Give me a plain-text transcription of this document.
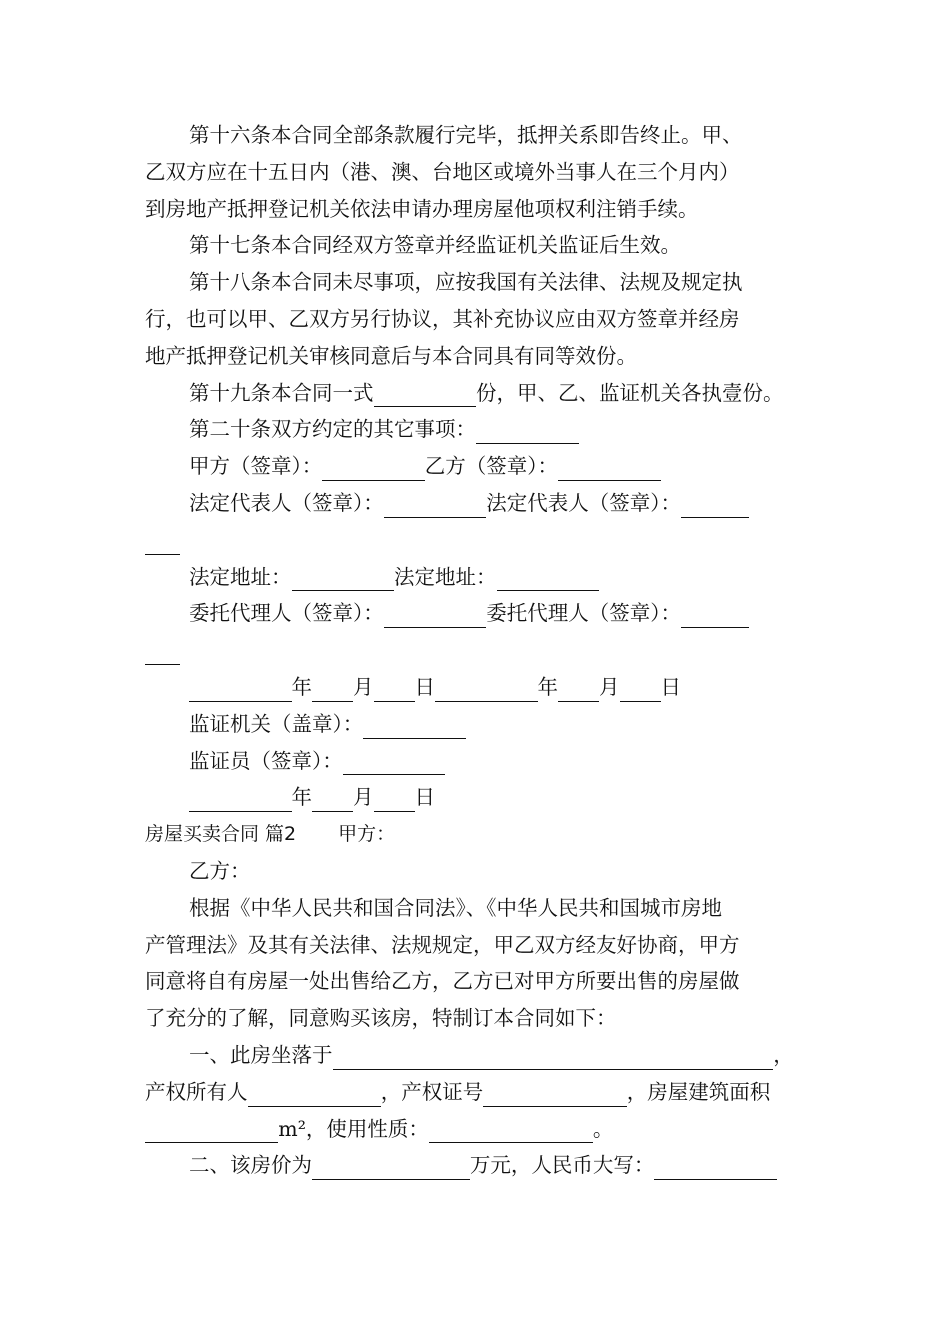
第十六条本合同全部条款履行完毕，抵押关系即告终止。甲、
乙双方应在十五日内（港、澳、台地区或境外当事人在三个月内）
到房地产抵押登记机关依法申请办理房屋他项权利注销手续。
第十七条本合同经双方签章并经监证机关监证后生效。
第十八条本合同未尽事项，应按我国有关法律、法规及规定执
行，也可以甲、乙双方另行协议，其补充协议应由双方签章并经房
地产抵押登记机关审核同意后与本合同具有同等效份。
第十九条本合同一式	份，甲、乙、监证机关各执壹份。
第二十条双方约定的其它事项：
甲方（签章）：	乙方（签章）：
法定代表人（签章）：	法定代表人（签章）：
法定地址：	法定地址：
委托代理人（签章）：	委托代理人（签章）：
年 月 日	年 月 日
监证机关（盖章）：
监证员（签章）：
年 月 日
房屋买卖合同 篇2 甲方：
乙方：
根据《中华人民共和国合同法》、《中华人民共和国城市房地
产管理法》及其有关法律、法规规定，甲乙双方经友好协商，甲方
同意将自有房屋一处出售给乙方，乙方已对甲方所要出售的房屋做
了充分的了解，同意购买该房，特制订本合同如下：
一、此房坐落于	，
产权所有人	，产权证号	，房屋建筑面积
m²，使用性质：	。
二、该房价为	万元，人民币大写：
